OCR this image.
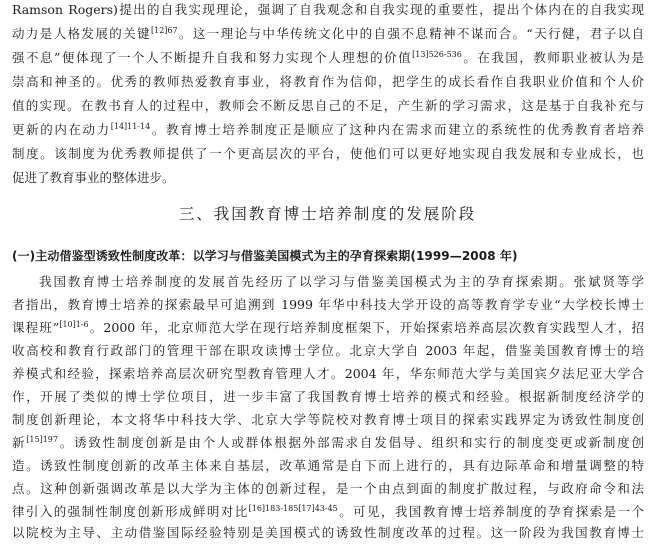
Ramson Rogers)提出的自我实现理论，强调了自我观念和自我实现的重要性，提出个体内在的自我实现
动力是人格发展的关键$^{[12]67}$。这一理论与中华传统文化中的自强不息精神不谋而合。“天行健，君子以自
强不息”便体现了一个人不断提升自我和努力实现个人理想的价值$^{[13]526-536}$。在我国，教师职业被认为是
崇高和神圣的。优秀的教师热爱教育事业，将教育作为信仰，把学生的成长看作自我职业价值和个人价
值的实现。在教书育人的过程中，教师会不断反思自己的不足，产生新的学习需求，这是基于自我补充与
更新的内在动力$^{[14]11-14}$。教育博士培养制度正是顺应了这种内在需求而建立的系统性的优秀教育者培养
制度。该制度为优秀教师提供了一个更高层次的平台，使他们可以更好地实现自我发展和专业成长，也
促进了教育事业的整体进步。
三、我国教育博士培养制度的发展阶段
(一)主动借鉴型诱致性制度改革：以学习与借鉴美国模式为主的孕育探索期(1999—2008 年)
我国教育博士培养制度的发展首先经历了以学习与借鉴美国模式为主的孕育探索期。张斌贤等学
者指出，教育博士培养的探索最早可追溯到 1999 年华中科技大学开设的高等教育学专业“大学校长博士
课程班”$^{[10]1-6}$。2000 年，北京师范大学在现行培养制度框架下，开始探索培养高层次教育实践型人才，招
收高校和教育行政部门的管理干部在职攻读博士学位。北京大学自 2003 年起，借鉴美国教育博士的培
养模式和经验，探索培养高层次研究型教育管理人才。2004 年，华东师范大学与美国宾夕法尼亚大学合
作，开展了类似的博士学位项目，进一步丰富了我国教育博士培养的模式和经验。根据新制度经济学的
制度创新理论，本文将华中科技大学、北京大学等院校对教育博士项目的探索实践界定为诱致性制度创
新$^{[15]197}$。诱致性制度创新是由个人或群体根据外部需求自发倡导、组织和实行的制度变更或新制度创
造。诱致性制度创新的改革主体来自基层，改革通常是自下而上进行的，具有边际革命和增量调整的特
点。这种创新强调改革是以大学为主体的创新过程，是一个由点到面的制度扩散过程，与政府命令和法
律引入的强制性制度创新形成鲜明对比$^{[16]183-185[17]43-45}$。可见，我国教育博士培养制度的孕育探索是一个
以院校为主导、主动借鉴国际经验特别是美国模式的诱致性制度改革的过程。这一阶段为我国教育博士
